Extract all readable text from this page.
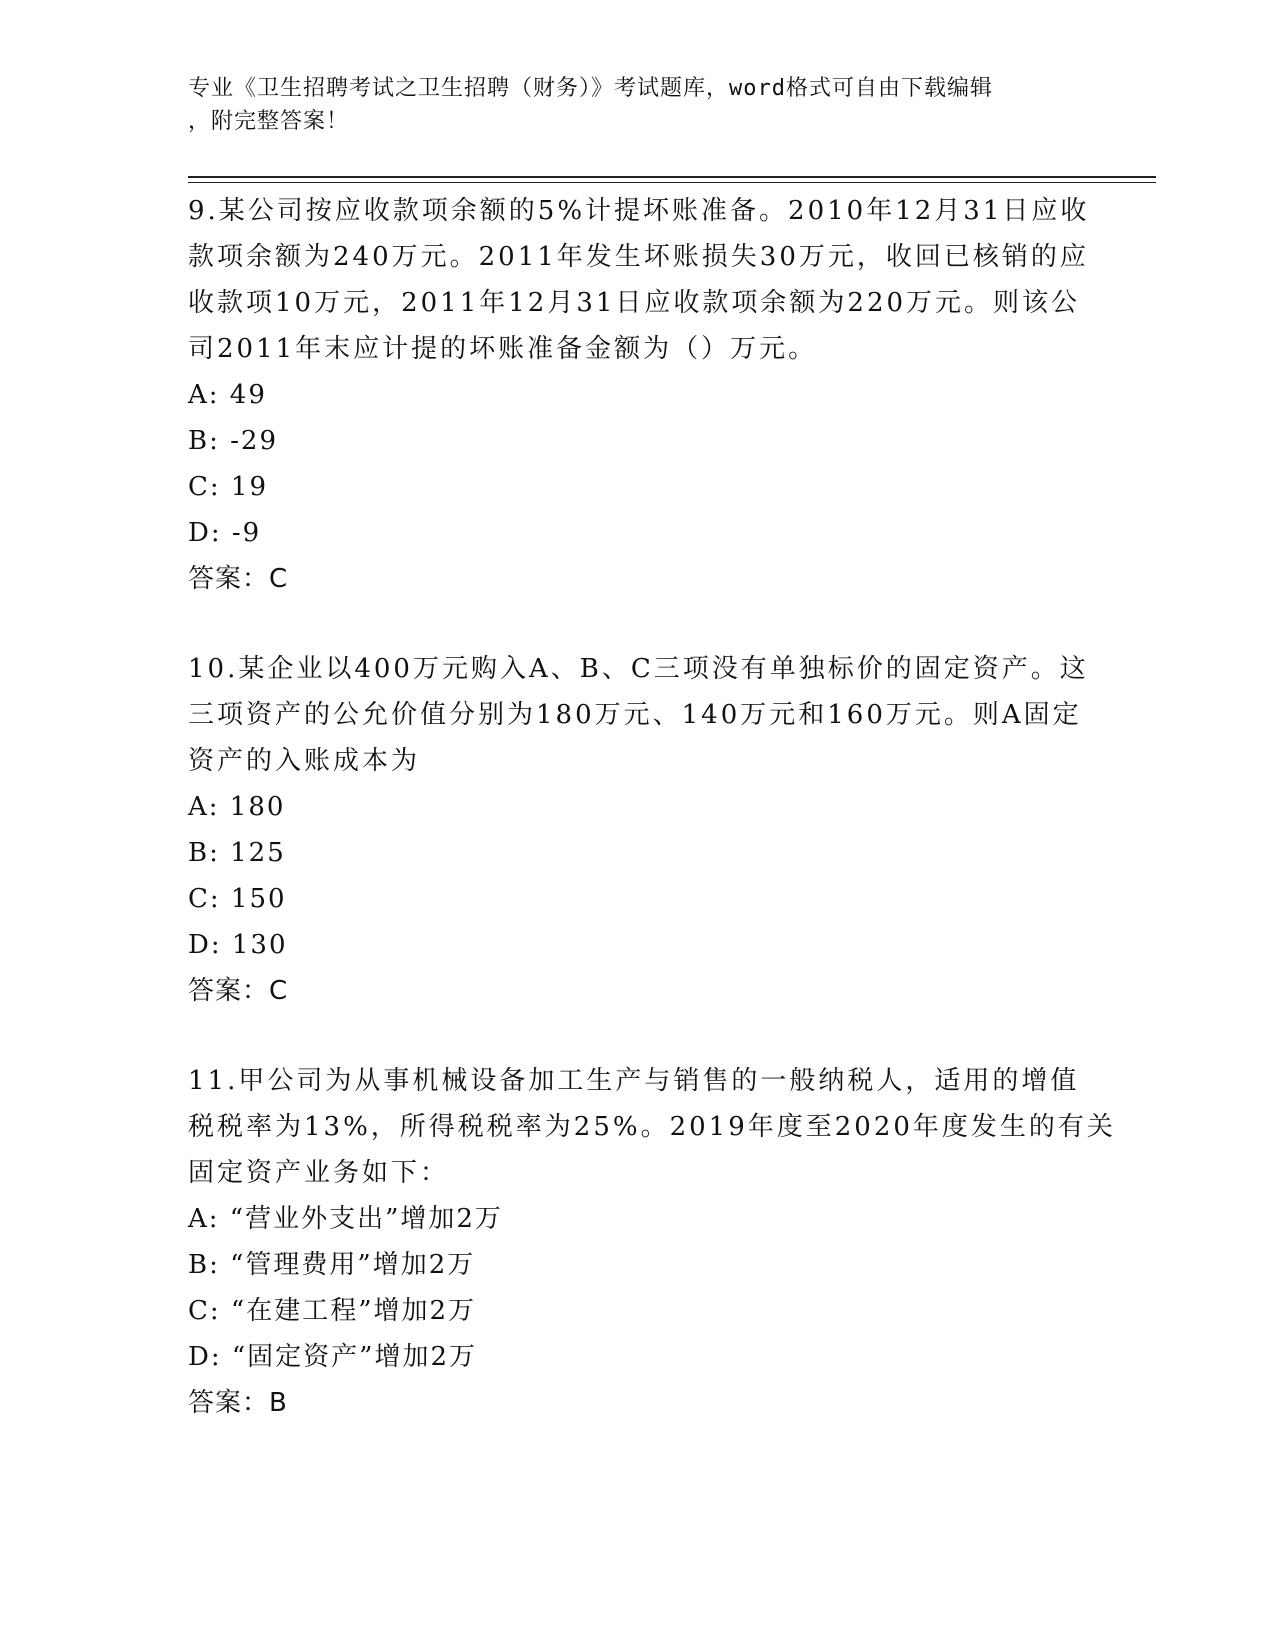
专业《卫生招聘考试之卫生招聘（财务）》考试题库，word格式可自由下载编辑
，附完整答案！
9.某公司按应收款项余额的5%计提坏账准备。2010年12月31日应收
款项余额为240万元。2011年发生坏账损失30万元，收回已核销的应
收款项10万元，2011年12月31日应收款项余额为220万元。则该公
司2011年末应计提的坏账准备金额为（）万元。
A: 49
B: -29
C: 19
D: -9
答案：C
10.某企业以400万元购入A、B、C三项没有单独标价的固定资产。这
三项资产的公允价值分别为180万元、140万元和160万元。则A固定
资产的入账成本为
A: 180
B: 125
C: 150
D: 130
答案：C
11.甲公司为从事机械设备加工生产与销售的一般纳税人，适用的增值
税税率为13%，所得税税率为25%。2019年度至2020年度发生的有关
固定资产业务如下：
A: “营业外支出”增加2万
B: “管理费用”增加2万
C: “在建工程”增加2万
D: “固定资产”增加2万
答案：B
